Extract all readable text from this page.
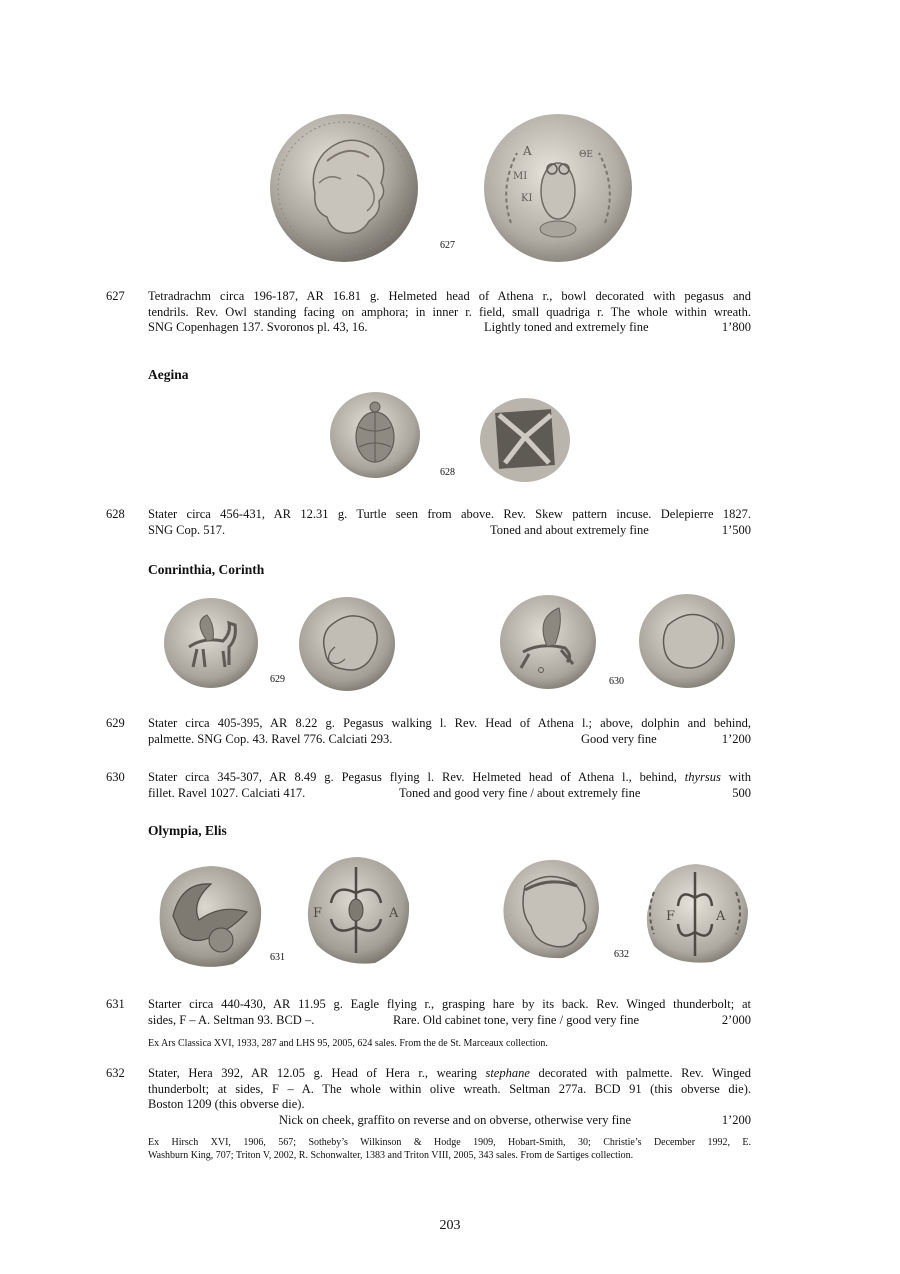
Α	ΘΕ
ΜΙ
ΚΙ
627
628
629	630
F	Α
631
F	Α
632
627 Tetradrachm circa 196-187, AR 16.81 g. Helmeted head of Athena r., bowl decorated with pegasus and
tendrils. Rev. Owl standing facing on amphora; in inner r. field, small quadriga r. The whole within wreath.
SNG Copenhagen 137. Svoronos pl. 43, 16.	Lightly toned and extremely fine	1’800
Aegina
628 Stater circa 456-431, AR 12.31 g. Turtle seen from above. Rev. Skew pattern incuse. Delepierre 1827.
SNG Cop. 517.	Toned and about extremely fine	1’500
Conrinthia, Corinth
629 Stater circa 405-395, AR 8.22 g. Pegasus walking l. Rev. Head of Athena l.; above, dolphin and behind,
palmette. SNG Cop. 43. Ravel 776. Calciati 293.	Good very fine	1’200
630 Stater circa 345-307, AR 8.49 g. Pegasus flying l. Rev. Helmeted head of Athena l., behind, thyrsus with
fillet. Ravel 1027. Calciati 417.	Toned and good very fine / about extremely fine	500
Olympia, Elis
631 Starter circa 440-430, AR 11.95 g. Eagle flying r., grasping hare by its back. Rev. Winged thunderbolt; at
sides, F – A. Seltman 93. BCD –.	Rare. Old cabinet tone, very fine / good very fine	2’000
Ex Ars Classica XVI, 1933, 287 and LHS 95, 2005, 624 sales. From the de St. Marceaux collection.
632 Stater, Hera 392, AR 12.05 g. Head of Hera r., wearing stephane decorated with palmette. Rev. Winged
thunderbolt; at sides, F – A. The whole within olive wreath. Seltman 277a. BCD 91 (this obverse die).
Boston 1209 (this obverse die).
Nick on cheek, graffito on reverse and on obverse, otherwise very fine	1’200
Ex Hirsch XVI, 1906, 567; Sotheby’s Wilkinson & Hodge 1909, Hobart-Smith, 30; Christie’s December 1992, E.
Washburn King, 707; Triton V, 2002, R. Schonwalter, 1383 and Triton VIII, 2005, 343 sales. From de Sartiges collection.
203
